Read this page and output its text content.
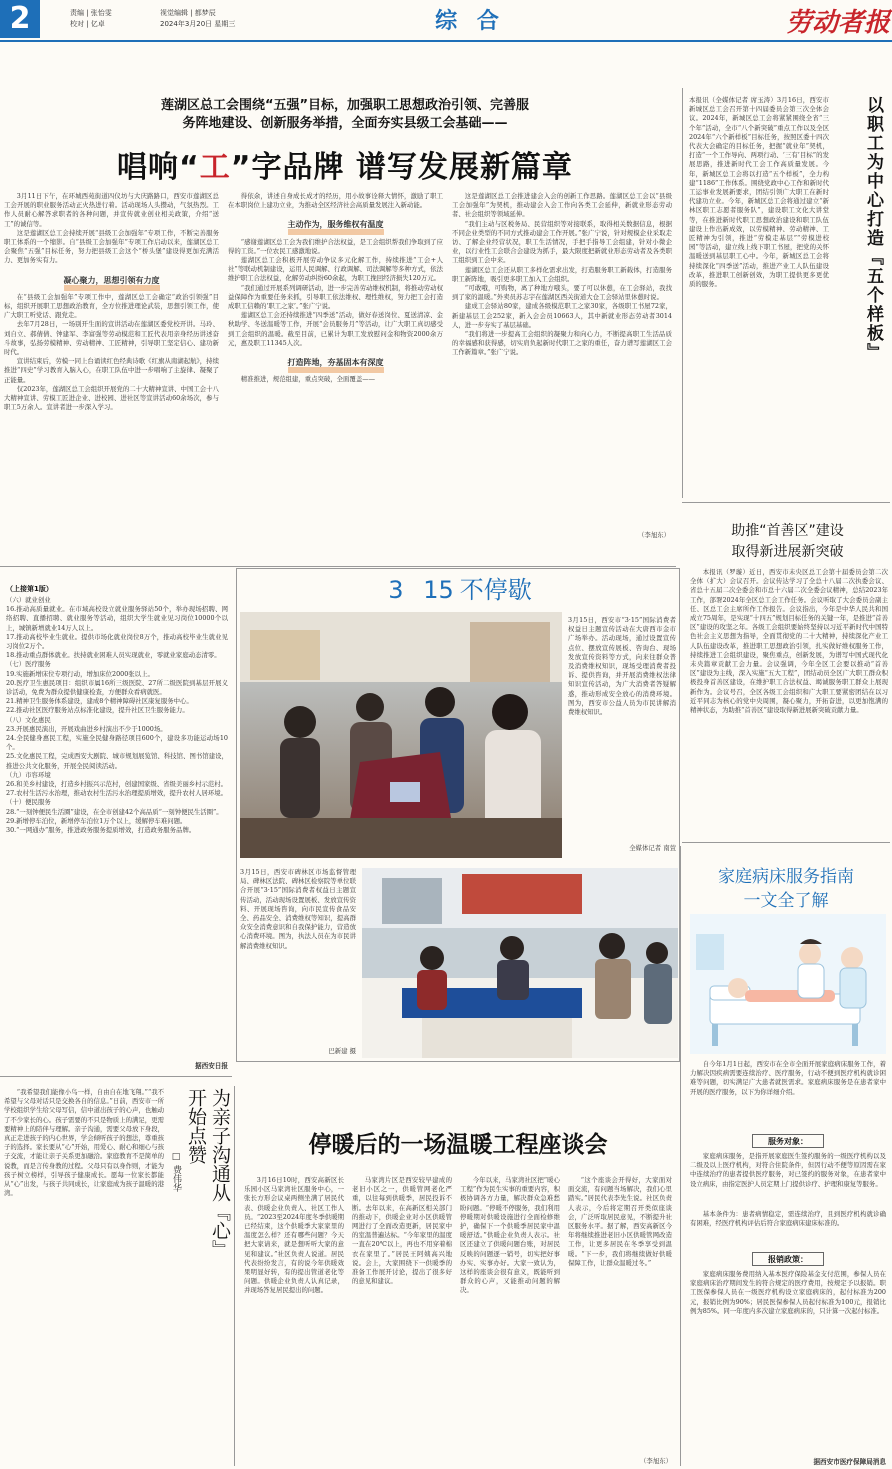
2	责编 | 张怡雯
校对 | 亿卓
视觉编辑 | 都梦辰
2024年3月20日 星期三	综 合	劳动者报
莲湖区总工会围绕“五强”目标，加强职工思想政治引领、完善服
务阵地建设、创新服务举措，全面夯实县级工会基础——
唱响“工”字品牌 谱写发展新篇章

3月11日下午，在环城西苑街道四仪坊与大庆路路口，西安市莲湖区总工会开展的职业服务活动正火热进行着。活动现场人头攒动，气氛热烈。工作人员耐心解答求职者的各种问题，并宣传就业创业相关政策，介绍“送工”的诚信等。

这是莲湖区总工会持续开展“县级工会加强年”专项工作，不断完善服务职工体系的一个缩影。自“县级工会加强年”专项工作启动以来，莲湖区总工会聚焦“五强”目标任务，努力把县级工会这个“桥头堡”建设得更加充满活力、更加务实有力。

凝心聚力，思想引领有力度

在“县级工会加强年”专项工作中，莲湖区总工会确定“政治引领强”目标，组织开展职工思想政治教育，全方位推进理论武装，思想引领工作，使广大职工听党话、跟党走。

去年7月28日，一场别开生面的宣讲活动在莲湖区委党校开讲。马玲、刘自立、郝倩倩、钟建军、李富强等劳动模范和工匠代表用亲身经历讲述奋斗故事，弘扬劳模精神、劳动精神、工匠精神，引导职工坚定信心、建功新时代。

宣讲结束后，劳模一同上台诵读红色经典诗歌《红旗从南湖起航》，持续推进“四史”学习教育入脑入心，在职工队伍中进一步唱响了主旋律、凝聚了正能量。

仅2023年，莲湖区总工会组织开展党的二十大精神宣讲、中国工会十八大精神宣讲、劳模工匠进企业、进校园、进社区等宣讲活动60余场次，参与职工5万余人。宣讲者进一步深入学习。

得依余，讲述自身成长成才的经历，用小故事诠释大情怀，激励了职工在本职岗位上建功立业，为推动全区经济社会高质量发展注入新动能。

主动作为，服务维权有温度

“感谢莲湖区总工会为我们维护合法权益，是工会组织帮我们争取到了应得的工资。”一位农民工感激地说。

莲湖区总工会积极开展劳动争议多元化解工作，持续推进“工会+人社”等联动机制建设，运用人民调解、行政调解、司法调解等多种方式，依法维护职工合法权益，化解劳动纠纷60余起，为职工挽回经济损失120万元。

“我们通过开展系列调研活动，进一步完善劳动维权机制，将推动劳动权益保障作为重要任务来抓，引导职工依法维权、理性维权，努力把工会打造成职工信赖的‘职工之家’。”张广宁说。

莲湖区总工会还持续推进“四季送”活动，做好春送岗位、夏送清凉、金秋助学、冬送温暖等工作，开展“会员服务月”等活动，让广大职工真切感受到工会组织的温暖。截至目前，已累计为职工发放慰问金和物资2000余万元，惠及职工11345人次。

打造阵地，夯基固本有深度

精准推进，规范组建，重点突破，全面覆盖——

这是莲湖区总工会推进建会入会的创新工作思路。莲湖区总工会以“县级工会加强年”为契机，推动建会入会工作向各类工会延伸，新就业形态劳动者、社会组织等领域延伸。

“我们主动与区税务局、民营组织等对接联系，取得相关数据信息，根据不同企业类型的不同方式推动建会工作开展。”张广宁说，针对规模企业采取走访、了解企业经营状况，职工生活情况，手把手指导工会组建，针对小微企业，以行业性工会联合会建设为抓手，最大限度把新就业形态劳动者及各类职工组织到工会中来。

莲湖区总工会还从职工多样化需求出发，打造服务职工新载体，打造服务职工新阵地，吸引更多职工加入工会组织。

“可敢哦，可购物，离了种地方哦头，要了可以休憩，在工会驿站，我找到了家的温暖。”外卖员苏志宇在莲湖区西关街道大仓工会驿站里休憩时说。

建成工会驿站80家，建成各级模范职工之家30家，各级职工书屋72家，新建基层工会252家，新入会会员10663人，其中新就业形态劳动者3014人，进一步夯实了基层基础。

“我们将进一步提高工会组织的凝聚力和向心力，不断提高职工生活品质的幸福感和获得感，切实肩负起新时代职工之家的重任，奋力谱写莲湖区工会工作新篇章。”张广宁说。

（李旭东）
以职工为中心打造『五个样板』
本报讯（全媒体记者 席玉涛）3月16日，西安市新城区总工会召开第十四届委员会第三次全体会议。2024年，新城区总工会将紧紧围绕全省“三个年”活动，全市“八个新突破”重点工作以及全区2024年“六个新样板”目标任务，按照区委十四次代表大会确定的目标任务，把握“就业年”契机，打造“一个工作导向、两项行动、‘三有’目标”的发展思路，推进新时代工会工作高质量发展。今年，新城区总工会将以打造“五个样板”，全力构建“1186”工作体系。围绕党政中心工作和新时代工运事业发展新要求，团结引领广大职工在新时代建功立业。今年，新城区总工会将通过建立“新林区职工志愿者服务队”，建设职工文化大讲堂等，在推进新时代职工思想政治建设和职工队伍建设上作出新成效，以劳模精神、劳动精神、工匠精神为引领，推进“劳模走基层”“劳模进校园”等活动，建立线上线下职工书屋，把党的关怀温暖送到基层职工心中。今年，新城区总工会将持续深化“四季送”活动，推进产业工人队伍建设改革，推进职工创新创效，为职工提供更多更优质的服务。
助推“首善区”建设
取得新进展新突破
本报讯（罗璇）近日，西安市未央区总工会第十届委员会第二次全体（扩大）会议召开。会议传达学习了全总十八届二次执委会议、省总十五届二次全委会和市总十六届二次全委会议精神，总结2023年工作，部署2024年全区总工会工作任务。会议听取了大会委员会副主任、区总工会主席所作工作报告。会议指出，今年是中华人民共和国成立75周年，是实现“十四五”规划目标任务的关键一年，是推进“首善区”建设的攻坚之年。各级工会组织要始终坚持以习近平新时代中国特色社会主义思想为指导，全面贯彻党的二十大精神，持续深化产业工人队伍建设改革，推进职工思想政治引领，扎实做好维权服务工作，持续推进工会组织建设，聚焦重点，创新发展，为谱写中国式现代化未央篇章贡献工会力量。会议强调，今年全区工会要以推动“首善区”建设为主线，深入实施“五大工程”，团结动员全区广大职工群众积极投身首善区建设，在维护职工合法权益、竭诚服务职工群众上展现新作为。会议号召，全区各级工会组织和广大职工要紧密团结在以习近平同志为核心的党中央周围，凝心聚力，开拓奋进，以更加饱满的精神状态，为助推“首善区”建设取得新进展新突破贡献力量。
3 15 不停歇
3月15日，西安市“3·15”国际消费者权益日主题宣传活动在大唐西市金市广场举办。活动现场，通过设置宣传点位、摆放宣传展板、咨询台、现场发放宣传资料等方式，向来往群众普及消费维权知识，现场受理消费者投诉、提供咨询，并开展消费维权法律知识宣传活动，为广大消费者答疑解惑，推动形成安全放心的消费环境。图为，西安市公益人员为市民讲解消费维权知识。
全媒体记者 南萱
3月15日，西安市碑林区市场监督管理局、碑林区法院、碑林区检察院等单位联合开展“3·15”国际消费者权益日主题宣传活动，活动现场设置展板、发放宣传资料、开展现场咨询，向市民宣传食品安全、药品安全、消费维权等知识，提高群众安全消费意识和自我保护能力，营造放心消费环境。图为，执法人员在为市民讲解消费维权知识。
巴新建 摄
（上接第1版）
（六）就业创业
16.推动高质量就业。在市域高校设立就业服务驿站50个，举办现场招聘、网络招聘、直播招聘、就业服务等活动，组织大学生就业见习岗位10000个以上，城镇新增就业14万人以上。
17.推动高校毕业生就业。提供市场化就业岗位8万个，推动高校毕业生就业见习岗位2万个。
18.推动重点群体就业。扶持就业困难人员实现就业，零就业家庭动态清零。
（七）医疗服务
19.实施新增床位专项行动，增加床位2000张以上。
20.医疗卫生惠民项目：组织市属16所三级医院、27所二级医院到基层开展义诊活动，免费为群众提供健康检查，方便群众看病就医。
21.精神卫生服务体系建设，建成8个精神障碍社区康复服务中心。
22.推动社区医疗服务站点标准化建设，提升社区卫生服务能力。
（八）文化惠民
23.开展惠民演出，开展戏曲进乡村演出不少于1000场。
24.全民健身惠民工程，实施全民健身路径项目600个，建设多功能运动场10个。
25.文化惠民工程，完成西安大剧院、城市规划展览馆、科技馆、图书馆建设，推进公共文化服务，开展全民阅读活动。
（九）市容环境
26.和美乡村建设，打造乡村振兴示范村，创建国家级、省级美丽乡村示范村。
27.农村生活污水治理，推动农村生活污水治理提质增效，提升农村人居环境。
（十）便民服务
28.“一刻钟便民生活圈”建设，在全市创建42个高品质“一刻钟便民生活圈”。
29.新增停车泊位，新增停车泊位1万个以上，缓解停车难问题。
30.“一网通办”服务，推进政务服务提质增效，打造政务服务品牌。
据西安日报
为亲子沟通从『心』开始点赞
□ 费伟华
“我希望我们能像小鸟一样，自由自在地飞翔。”“我不希望与父母对话只是交换各自的信息。”日前，西安市一所学校组织学生给父母写信，信中道出孩子的心声，也触动了不少家长的心。孩子需要的不只是物质上的满足，更需要精神上的陪伴与理解。亲子沟通，需要父母放下身段，真正走进孩子的内心世界，学会倾听孩子的想法，尊重孩子的选择。家长要从“心”开始，用爱心、耐心和细心与孩子交流，才能让亲子关系更加融洽。家庭教育不是简单的说教，而是言传身教的过程。父母只有以身作则，才能为孩子树立榜样，引导孩子健康成长。愿每一位家长都能从“心”出发，与孩子共同成长，让家庭成为孩子温暖的港湾。
停暖后的一场温暖工程座谈会
3月16日10时，西安高新区长乐园小区马家湾社区服务中心，一张长方形会议桌两侧坐满了居民代表、供暖企业负责人、社区工作人员。“2023至2024年度冬季供暖期已经结束，这个供暖季大家家里的温度怎么样？还有哪些问题？今天把大家请来，就是想听听大家的意见和建议。”社区负责人说道。居民代表纷纷发言，有的说今年供暖效果明显好转，有的提出管道老化等问题。供暖企业负责人认真记录，并现场答复居民提出的问题。
马家湾片区是西安较早建成的老旧小区之一，供暖管网老化严重，以往每到供暖季，居民投诉不断。去年以来，在高新区相关部门的推动下，供暖企业对小区供暖管网进行了全面改造更新，居民家中的室温普遍达标。“今年家里的温度一直在20℃以上，再也不用穿着棉衣在家里了。”居民王阿姨高兴地说。会上，大家围绕下一供暖季的准备工作展开讨论，提出了很多好的意见和建议。
今年以来，马家湾社区把“暖心工程”作为民生实事的重要内容，积极协调各方力量，解决群众急难愁盼问题。“停暖不停服务，我们利用停暖期对供暖设施进行全面检修维护，确保下一个供暖季居民家中温暖舒适。”供暖企业负责人表示。社区还建立了供暖问题台账，对居民反映的问题逐一销号，切实把好事办实、实事办好。大家一致认为，这样的座谈会很有意义，既能听到群众的心声，又能推动问题的解决。
“这个座谈会开得好，大家面对面交流，有问题当场解决，我们心里踏实。”居民代表李先生说。社区负责人表示，今后将定期召开类似座谈会，广泛听取居民意见，不断提升社区服务水平。据了解，西安高新区今年将继续推进老旧小区供暖管网改造工作，让更多居民在冬季享受到温暖。“下一步，我们将继续做好供暖保障工作，让群众温暖过冬。”
（李旭东）
家庭病床服务指南
一文全了解
自今年1月1日起，西安市在全市全面开展家庭病床服务工作，着力解决因疾病需要连续治疗、医疗服务，行动不便到医疗机构就诊困难等问题，切实满足广大患者就医需求。家庭病床服务是在患者家中开展的医疗服务，以下为你详细介绍。
服务对象：
家庭病床服务，是指开展家庭医生签约服务的一级医疗机构以及二级及以上医疗机构，对符合住院条件，但因行动不便等原因需在家中连续治疗的患者提供医疗服务，对已签约的服务对象，在患者家中设立病床，由指定医护人员定期上门提供诊疗、护理和康复等服务。
基本条件为：患者病情稳定，需连续治疗，且到医疗机构就诊确有困难，经医疗机构评估后符合家庭病床建床标准的。
报销政策：
家庭病床服务费用纳入基本医疗保险基金支付范围，参保人员在家庭病床治疗期间发生的符合规定的医疗费用，按规定予以报销。职工医保参保人员在一级医疗机构设立家庭病床的，起付标准为200元，报销比例为90%；居民医保参保人员起付标准为100元，报销比例为85%。同一年度内多次建立家庭病床的，只计算一次起付标准。
据西安市医疗保障局消息
